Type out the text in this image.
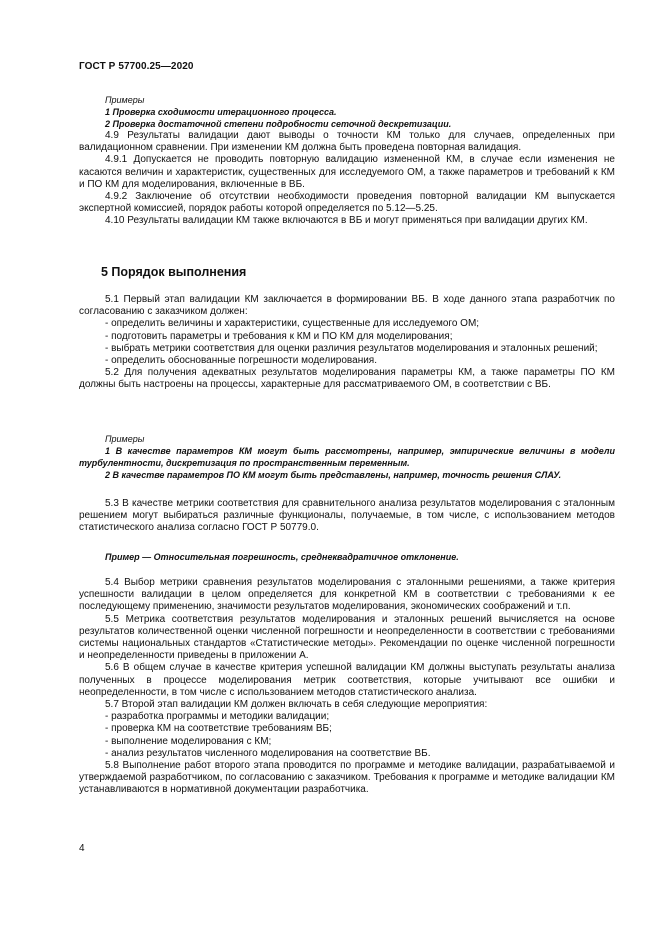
ГОСТ Р 57700.25—2020

Примеры

1 Проверка сходимости итерационного процесса.

2 Проверка достаточной степени подробности сеточной дескретизации.

4.9 Результаты валидации дают выводы о точности КМ только для случаев, определенных при валидационном сравнении. При изменении КМ должна быть проведена повторная валидация.

4.9.1 Допускается не проводить повторную валидацию измененной КМ, в случае если изменения не касаются величин и характеристик, существенных для исследуемого ОМ, а также параметров и требований к КМ и ПО КМ для моделирования, включенные в ВБ.

4.9.2 Заключение об отсутствии необходимости проведения повторной валидации КМ выпускается экспертной комиссией, порядок работы которой определяется по 5.12—5.25.

4.10 Результаты валидации КМ также включаются в ВБ и могут применяться при валидации других КМ.

5 Порядок выполнения

5.1 Первый этап валидации КМ заключается в формировании ВБ. В ходе данного этапа разработчик по согласованию с заказчиком должен:

- определить величины и характеристики, существенные для исследуемого ОМ;

- подготовить параметры и требования к КМ и ПО КМ для моделирования;

- выбрать метрики соответствия для оценки различия результатов моделирования и эталонных решений;

- определить обоснованные погрешности моделирования.

5.2 Для получения адекватных результатов моделирования параметры КМ, а также параметры ПО КМ должны быть настроены на процессы, характерные для рассматриваемого ОМ, в соответствии с ВБ.

Примеры

1 В качестве параметров КМ могут быть рассмотрены, например, эмпирические величины в модели турбулентности, дискретизация по пространственным переменным.

2 В качестве параметров ПО КМ могут быть представлены, например, точность решения СЛАУ.

5.3 В качестве метрики соответствия для сравнительного анализа результатов моделирования с эталонным решением могут выбираться различные функционалы, получаемые, в том числе, с использованием методов статистического анализа согласно ГОСТ Р 50779.0.

Пример — Относительная погрешность, среднеквадратичное отклонение.

5.4 Выбор метрики сравнения результатов моделирования с эталонными решениями, а также критерия успешности валидации в целом определяется для конкретной КМ в соответствии с требованиями к ее последующему применению, значимости результатов моделирования, экономических соображений и т.п.

5.5 Метрика соответствия результатов моделирования и эталонных решений вычисляется на основе результатов количественной оценки численной погрешности и неопределенности в соответствии с требованиями системы национальных стандартов «Статистические методы». Рекомендации по оценке численной погрешности и неопределенности приведены в приложении А.

5.6 В общем случае в качестве критерия успешной валидации КМ должны выступать результаты анализа полученных в процессе моделирования метрик соответствия, которые учитывают все ошибки и неопределенности, в том числе с использованием методов статистического анализа.

5.7 Второй этап валидации КМ должен включать в себя следующие мероприятия:

- разработка программы и методики валидации;

- проверка КМ на соответствие требованиям ВБ;

- выполнение моделирования с КМ;

- анализ результатов численного моделирования на соответствие ВБ.

5.8 Выполнение работ второго этапа проводится по программе и методике валидации, разрабатываемой и утверждаемой разработчиком, по согласованию с заказчиком. Требования к программе и методике валидации КМ устанавливаются в нормативной документации разработчика.

4
